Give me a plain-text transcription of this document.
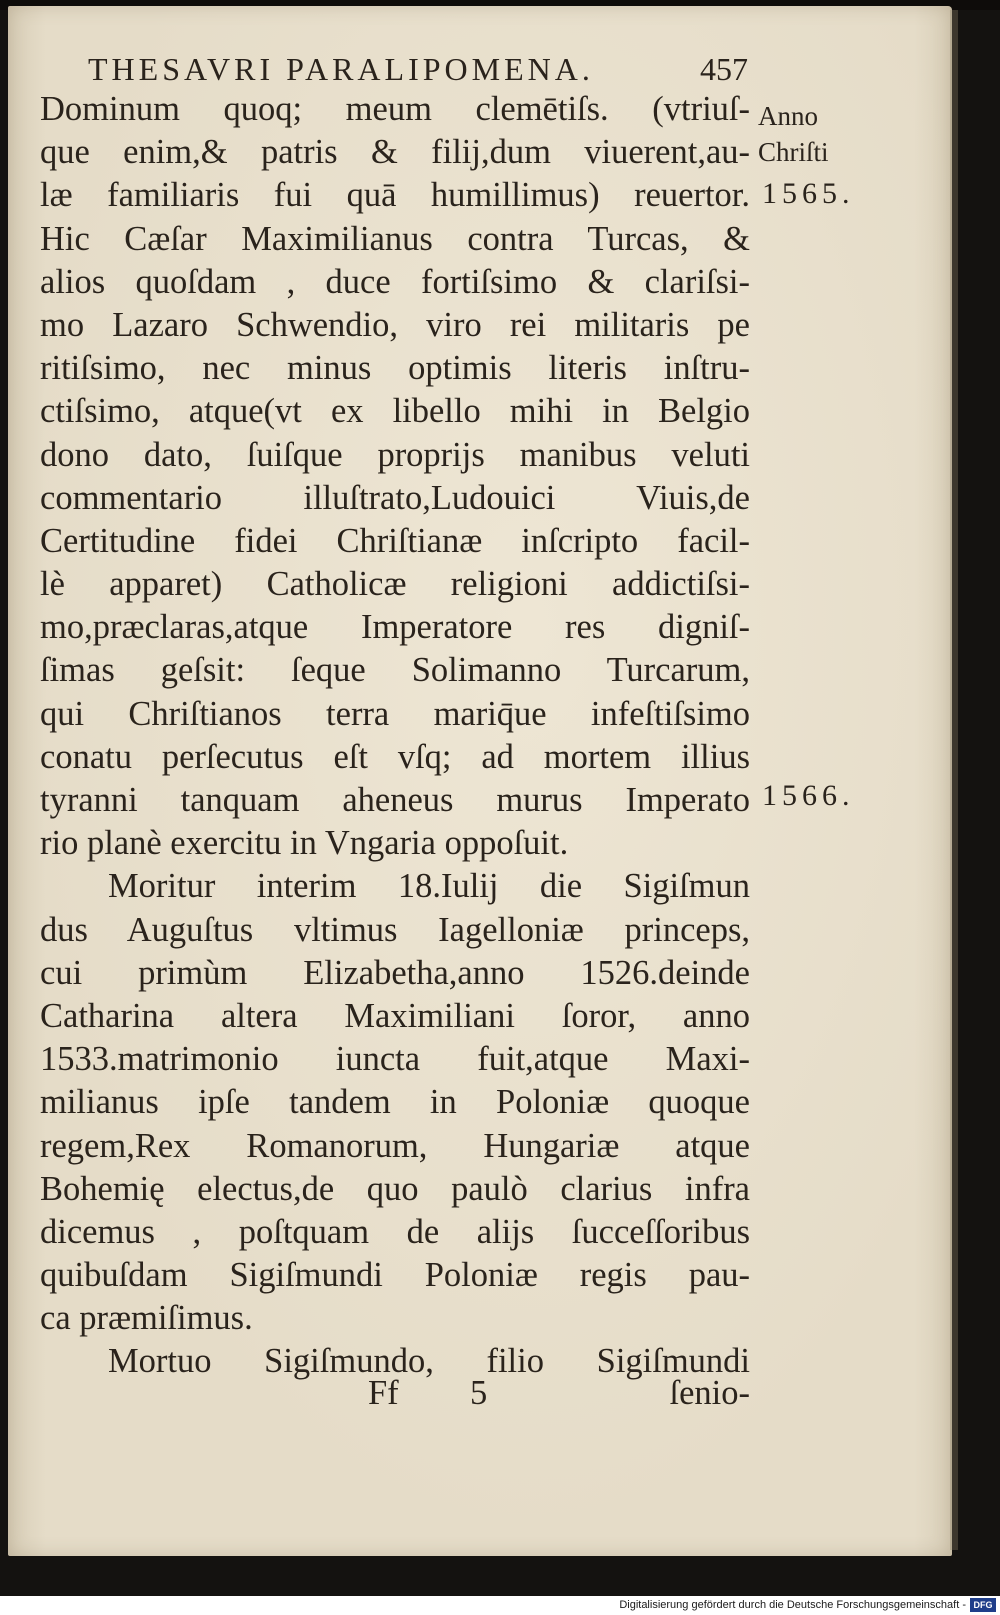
THESAVRI PARALIPOMENA.	457
Dominum quoq; meum clemētiſs. (vtriuſ-
que enim,& patris & filij,dum viuerent,au-
læ familiaris fui quā humillimus) reuertor.
Hic Cæſar Maximilianus contra Turcas, &
alios quoſdam , duce fortiſsimo & clariſsi-
mo Lazaro Schwendio, viro rei militaris pe
ritiſsimo, nec minus optimis literis inſtru-
ctiſsimo, atque(vt ex libello mihi in Belgio
dono dato, ſuiſque proprijs manibus veluti
commentario illuſtrato,Ludouici Viuis,de
Certitudine fidei Chriſtianæ inſcripto facil-
lè apparet) Catholicæ religioni addictiſsi-
mo,præclaras,atque Imperatore res digniſ-
ſimas geſsit: ſeque Solimanno Turcarum,
qui Chriſtianos terra mariq̄ue infeſtiſsimo
conatu perſecutus eſt vſq; ad mortem illius
tyranni tanquam aheneus murus Imperato
rio planè exercitu in Vngaria oppoſuit.
Moritur interim 18.Iulij die Sigiſmun
dus Auguſtus vltimus Iagelloniæ princeps,
cui primùm Elizabetha,anno 1526.deinde
Catharina altera Maximiliani ſoror, anno
1533.matrimonio iuncta fuit,atque Maxi-
milianus ipſe tandem in Poloniæ quoque
regem,Rex Romanorum, Hungariæ atque
Bohemię electus,de quo paulò clarius infra
dicemus , poſtquam de alijs ſucceſſoribus
quibuſdam Sigiſmundi Poloniæ regis pau-
ca præmiſimus.
Mortuo Sigiſmundo, filio Sigiſmundi
Ff 5	ſenio-
Anno
Chriſti
1565.
1566.
Digitalisierung gefördert durch die Deutsche Forschungsgemeinschaft - DFG
